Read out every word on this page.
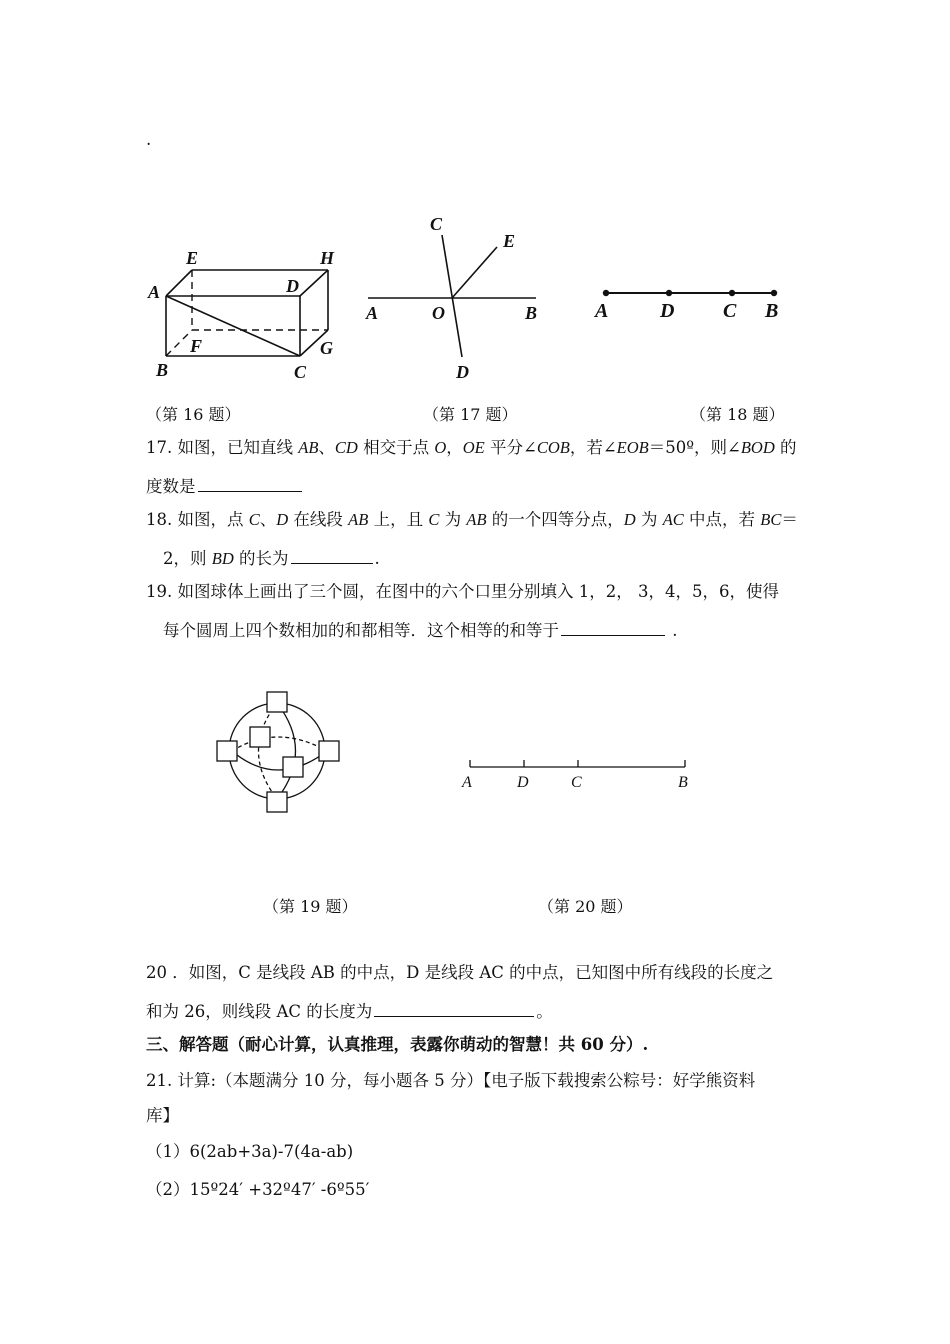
.
E	H
A	D
F	G
B	C
C
E
A	O	B
D
A	D C B
（第 16 题）	（第 17 题）	（第 18 题）
17. 如图，已知直线 AB、CD 相交于点 O，OE 平分∠COB，若∠EOB＝50º，则∠BOD 的
度数是
18. 如图，点 C、D 在线段 AB 上，且 C 为 AB 的一个四等分点，D 为 AC 中点，若 BC＝
2，则 BD 的长为	.
19. 如图球体上画出了三个圆，在图中的六个口里分别填入 1，2， 3，4，5，6，使得
每个圆周上四个数相加的和都相等．这个相等的和等于	.
A	D	C	B
（第 19 题）	（第 20 题）
20 ．如图，C 是线段 AB 的中点，D 是线段 AC 的中点，已知图中所有线段的长度之
和为 26，则线段 AC 的长度为	。
三、解答题（耐心计算，认真推理，表露你萌动的智慧！共 60 分）.
21. 计算:（本题满分 10 分，每小题各 5 分）【电子版下载搜索公粽号：好学熊资料
库】
（1）6(2ab+3a)-7(4a-ab)
（2）15º24′ +32º47′ -6º55′
